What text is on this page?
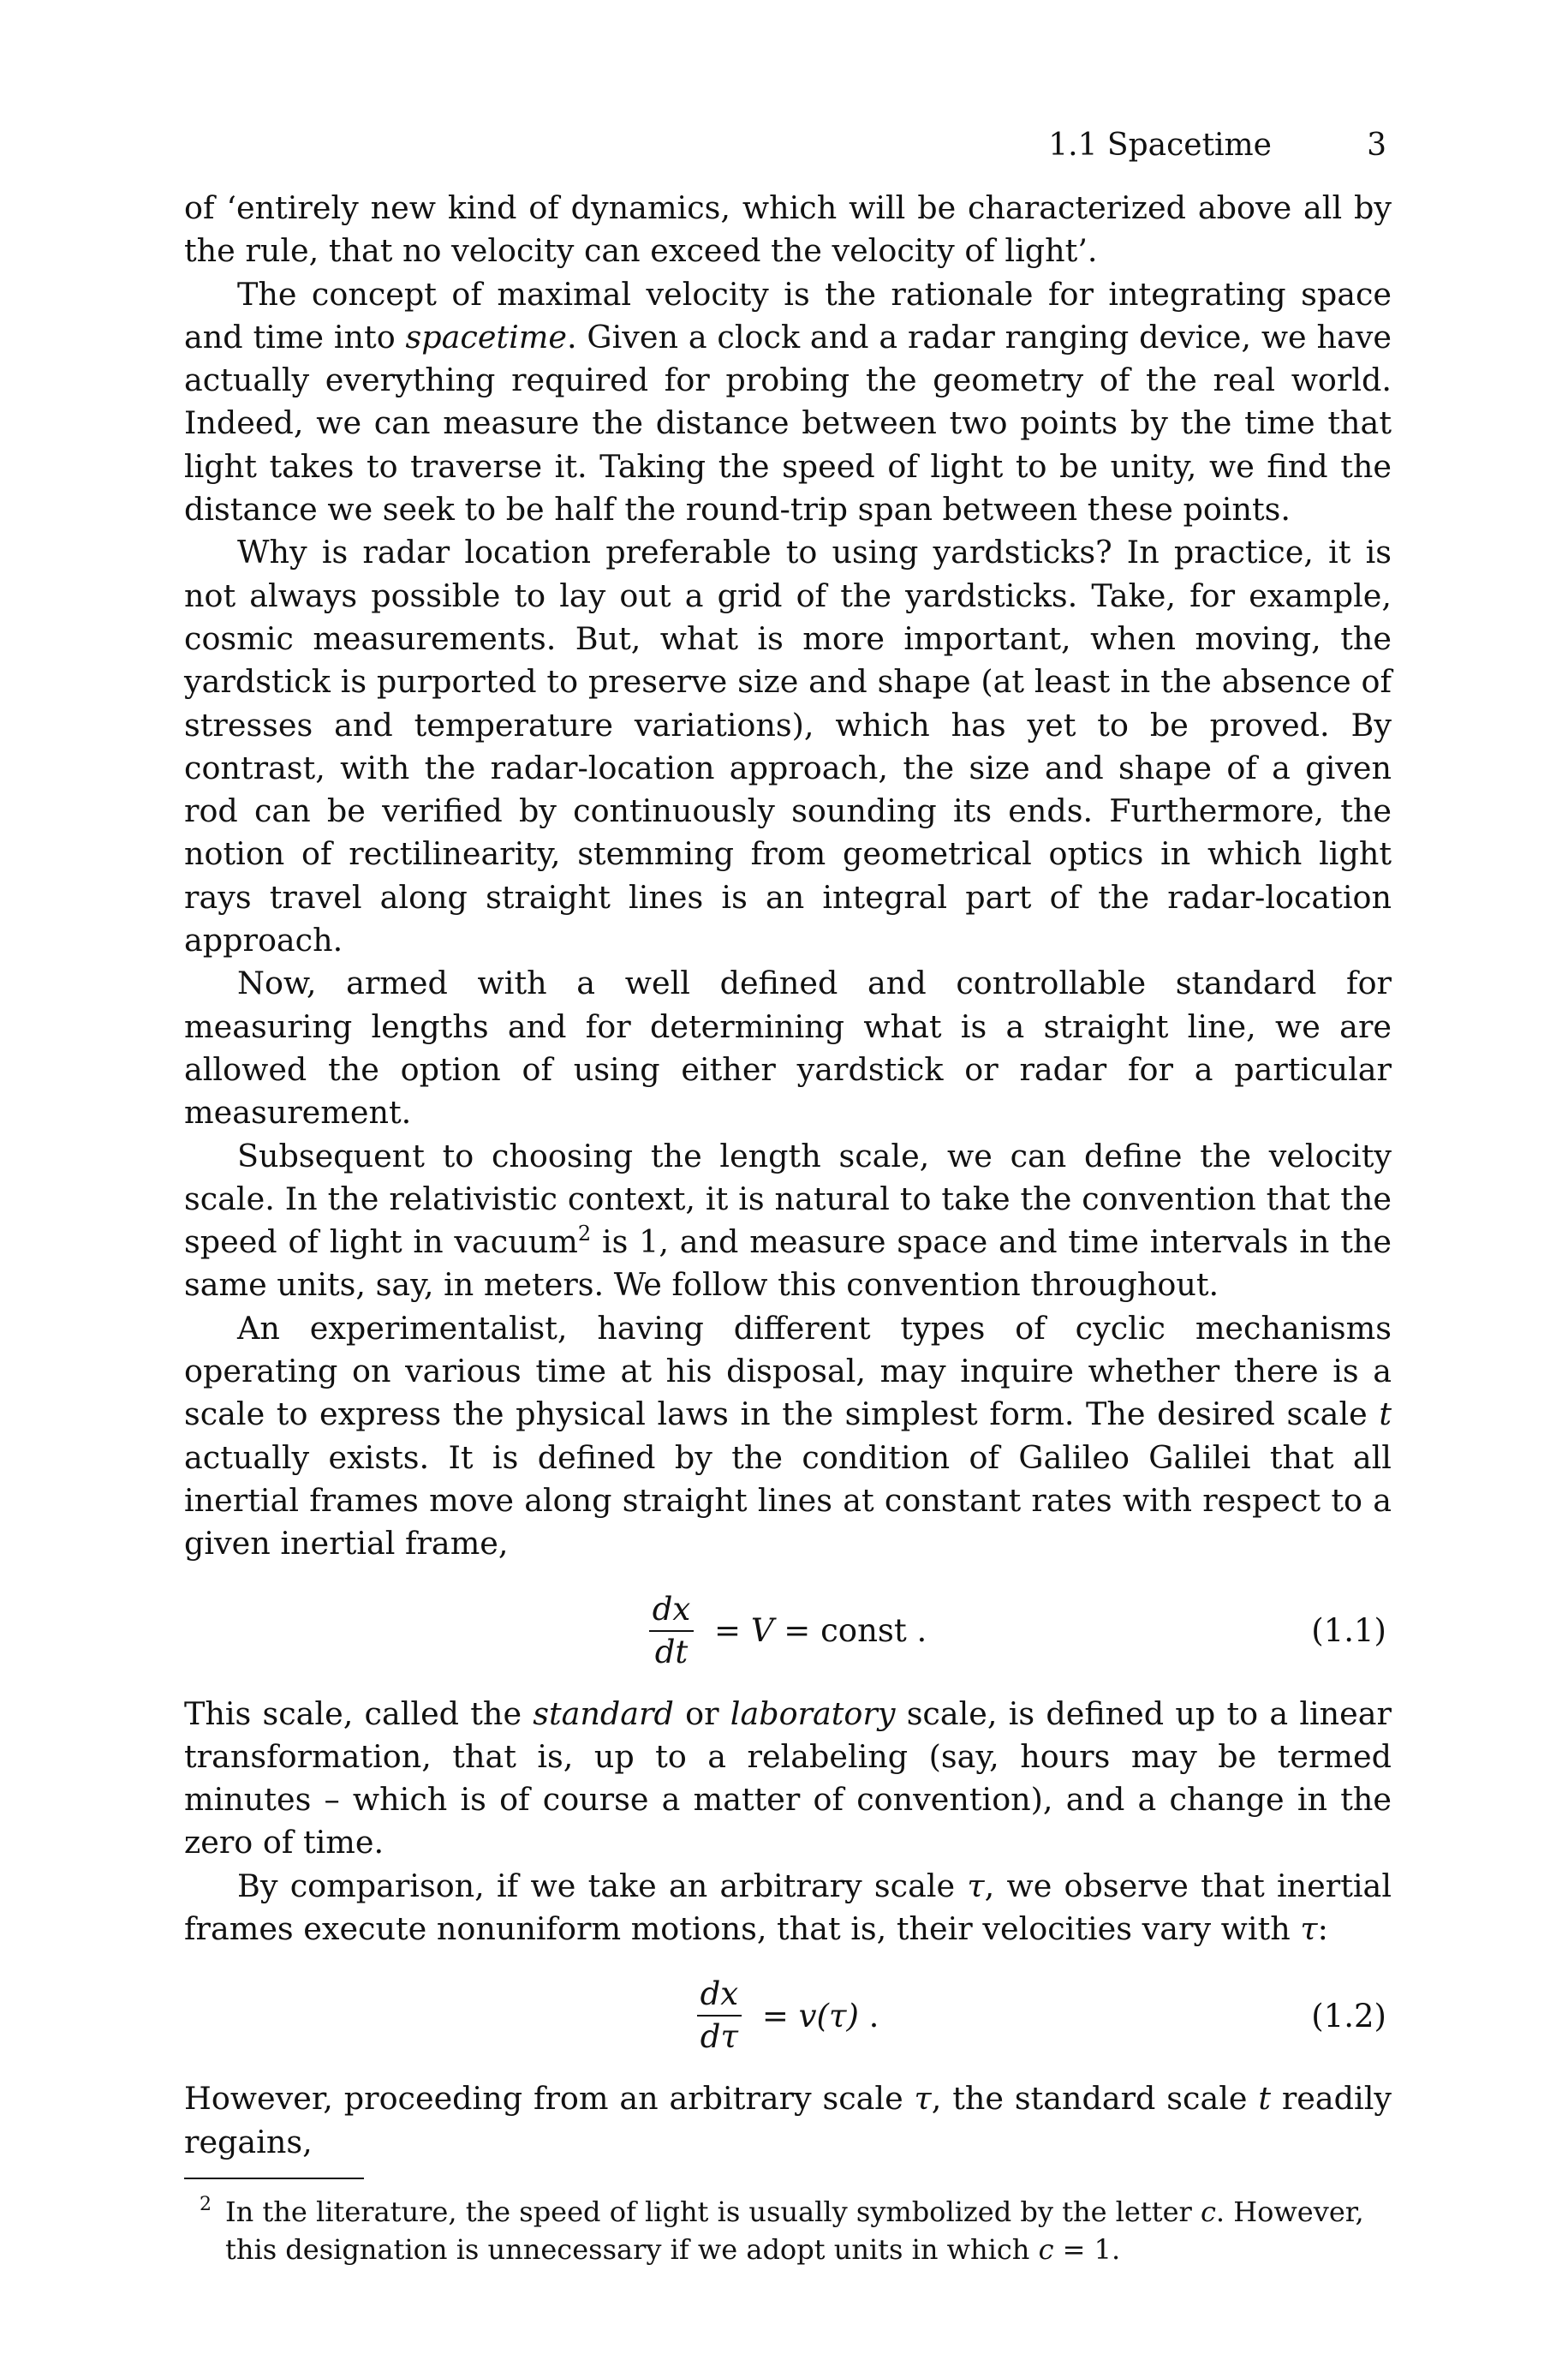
1.1 Spacetime	3

of ‘entirely new kind of dynamics, which will be characterized above all by the rule, that no velocity can exceed the velocity of light’.

The concept of maximal velocity is the rationale for integrating space and time into spacetime. Given a clock and a radar ranging device, we have actually everything required for probing the geometry of the real world. Indeed, we can measure the distance between two points by the time that light takes to traverse it. Taking the speed of light to be unity, we find the distance we seek to be half the round-trip span between these points.

Why is radar location preferable to using yardsticks? In practice, it is not always possible to lay out a grid of the yardsticks. Take, for example, cosmic measurements. But, what is more important, when moving, the yardstick is purported to preserve size and shape (at least in the absence of stresses and temperature variations), which has yet to be proved. By contrast, with the radar-location approach, the size and shape of a given rod can be verified by continuously sounding its ends. Furthermore, the notion of rectilinearity, stemming from geometrical optics in which light rays travel along straight lines is an integral part of the radar-location approach.

Now, armed with a well defined and controllable standard for measuring lengths and for determining what is a straight line, we are allowed the option of using either yardstick or radar for a particular measurement.

Subsequent to choosing the length scale, we can define the velocity scale. In the relativistic context, it is natural to take the convention that the speed of light in vacuum$^2$ is 1, and measure space and time intervals in the same units, say, in meters. We follow this convention throughout.

An experimentalist, having different types of cyclic mechanisms operating on various time at his disposal, may inquire whether there is a scale to express the physical laws in the simplest form. The desired scale t actually exists. It is defined by the condition of Galileo Galilei that all inertial frames move along straight lines at constant rates with respect to a given inertial frame,

$\frac{dx}{dt} = V$ = const .	(1.1)

This scale, called the standard or laboratory scale, is defined up to a linear transformation, that is, up to a relabeling (say, hours may be termed minutes – which is of course a matter of convention), and a change in the zero of time.

By comparison, if we take an arbitrary scale τ, we observe that inertial frames execute nonuniform motions, that is, their velocities vary with τ:

$\frac{dx}{d\tau} = v(\tau)$ .	(1.2)

However, proceeding from an arbitrary scale τ, the standard scale t readily regains,

2 In the literature, the speed of light is usually symbolized by the letter c. However, this designation is unnecessary if we adopt units in which c = 1.
